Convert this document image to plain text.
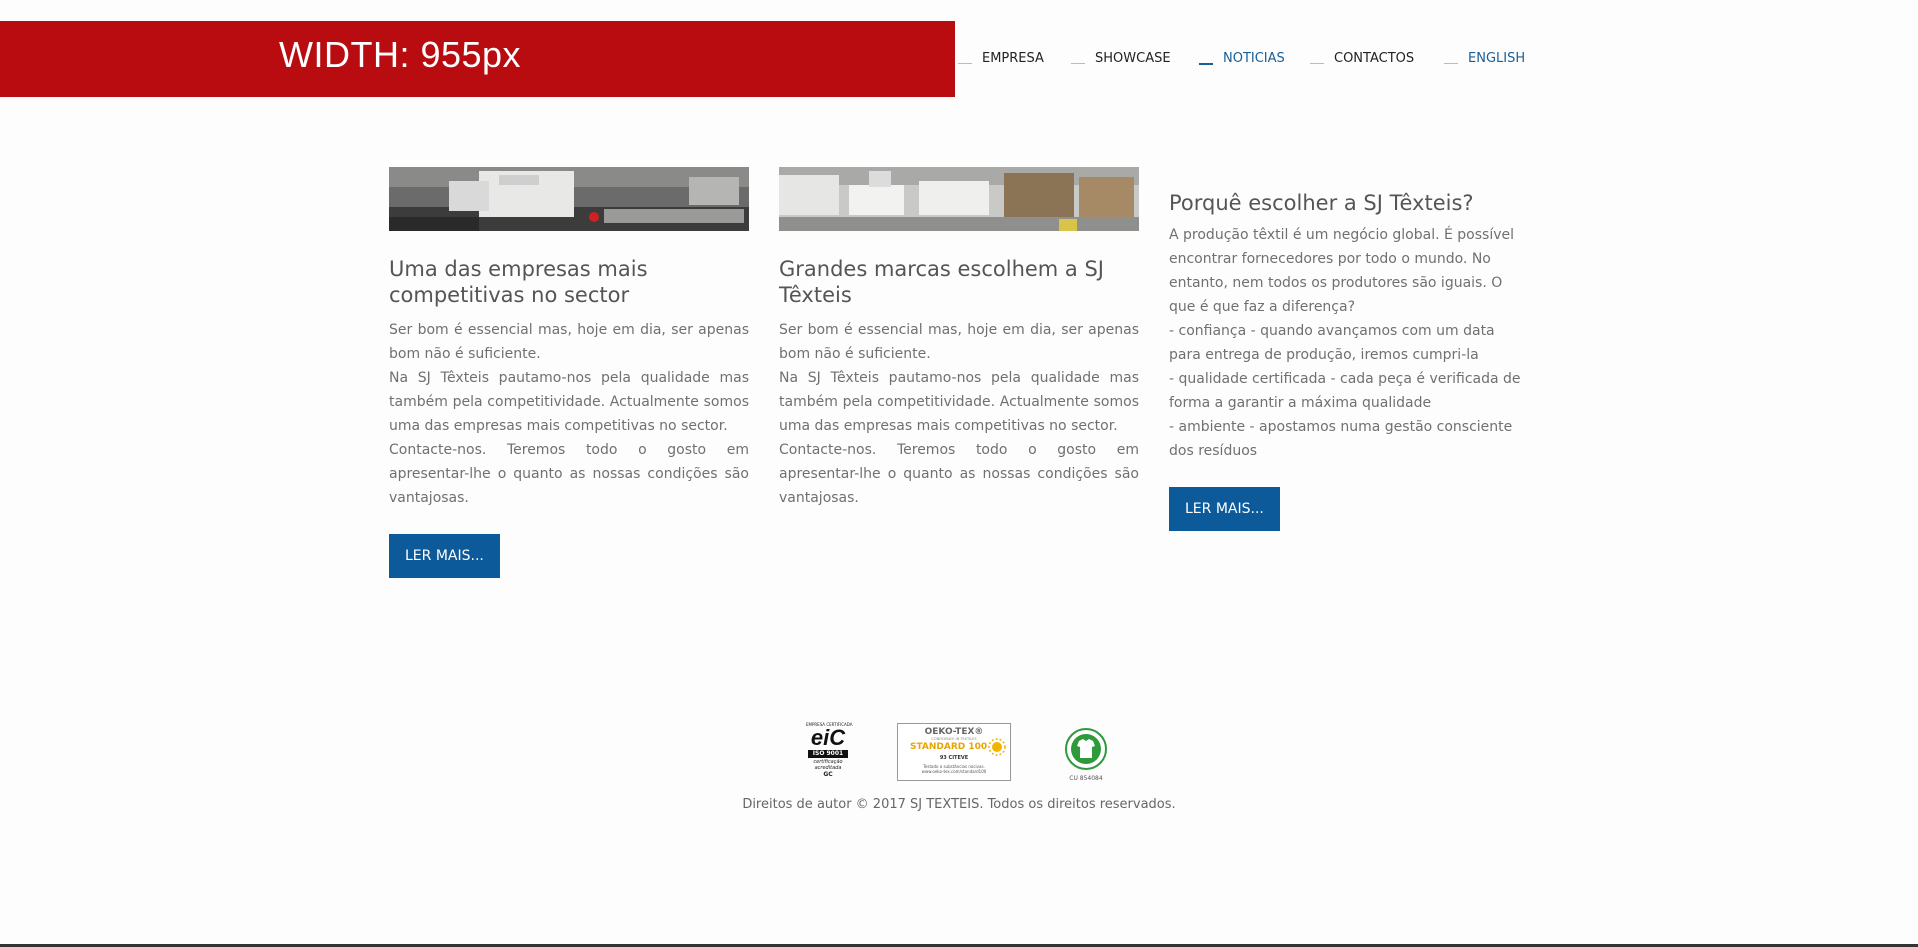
WIDTH: 955px	EMPRESA	SHOWCASE	NOTICIAS	CONTACTOS	ENGLISH
Uma das empresas mais competitivas no sector

Ser bom é essencial mas, hoje em dia, ser apenas bom não é suficiente.

Na SJ Têxteis pautamo-nos pela qualidade mas também pela competitividade. Actualmente somos uma das empresas mais competitivas no sector.

Contacte-nos. Teremos todo o gosto em apresentar-lhe o quanto as nossas condições são vantajosas.

LER MAIS...
Grandes marcas escolhem a SJ Têxteis

Ser bom é essencial mas, hoje em dia, ser apenas bom não é suficiente.

Na SJ Têxteis pautamo-nos pela qualidade mas também pela competitividade. Actualmente somos uma das empresas mais competitivas no sector.

Contacte-nos. Teremos todo o gosto em apresentar-lhe o quanto as nossas condições são vantajosas.

Porquê escolher a SJ Têxteis?

A produção têxtil é um negócio global. É possível encontrar fornecedores por todo o mundo. No entanto, nem todos os produtores são iguais. O que é que faz a diferença?

- confiança - quando avançamos com um data para entrega de produção, iremos cumpri-la

- qualidade certificada - cada peça é verificada de forma a garantir a máxima qualidade

- ambiente - apostamos numa gestão consciente dos resíduos

LER MAIS...
EMPRESA CERTIFICADA
eiC
ISO 9001
certificação
acreditada
GC
OEKO-TEX®
CONFIDENCE IN TEXTILES
STANDARD 100
93 CITEVE
Testado a substâncias nocivas.
www.oeko-tex.com/standard100
CU 854084
Direitos de autor © 2017 SJ TEXTEIS. Todos os direitos reservados.
